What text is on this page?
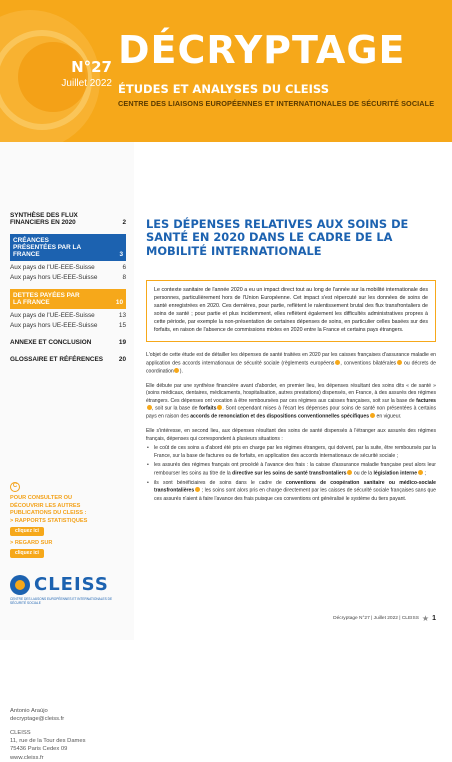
N°27
Juillet 2022
DÉCRYPTAGE
ÉTUDES ET ANALYSES DU CLEISS
CENTRE DES LIAISONS EUROPÉENNES ET INTERNATIONALES DE SÉCURITÉ SOCIALE
SYNTHÈSE DES FLUX FINANCIERS EN 2020	2
CRÉANCES PRÉSENTÉES PAR LA FRANCE	3
Aux pays de l'UE-EEE-Suisse	6
Aux pays hors UE-EEE-Suisse	8
DETTES PAYÉES PAR LA FRANCE	10
Aux pays de l'UE-EEE-Suisse	13
Aux pays hors UE-EEE-Suisse	15
ANNEXE ET CONCLUSION	19
GLOSSAIRE ET RÉFÉRENCES 20
C
POUR CONSULTER OU
DÉCOUVRIR LES AUTRES
PUBLICATIONS DU CLEISS :
> RAPPORTS STATISTIQUES
cliquez ici
> REGARD SUR
cliquez ici
CLEISS
CENTRE DES LIAISONS EUROPÉENNES ET INTERNATIONALES DE SÉCURITÉ SOCIALE
Antonio Araújo
decryptage@cleiss.fr
CLEISS
11, rue de la Tour des Dames
75436 Paris Cedex 09
www.cleiss.fr
LES DÉPENSES RELATIVES AUX SOINS DE SANTÉ EN 2020 DANS LE CADRE DE LA MOBILITÉ INTERNATIONALE
Le contexte sanitaire de l'année 2020 a eu un impact direct tout au long de l'année sur la mobilité internationale des personnes, particulièrement hors de l'Union Européenne. Cet impact s'est répercuté sur les données de soins de santé enregistrées en 2020. Ces dernières, pour partie, reflètent le ralentissement brutal des flux transfrontaliers de soins de santé ; pour partie et plus incidemment, elles reflètent également les difficultés administratives propres à cette période, par exemple la non-présentation de certaines dépenses de soins, en particulier celles basées sur des forfaits, en raison de l'absence de commissions mixtes en 2020 entre la France et certains pays étrangers.

L'objet de cette étude est de détailler les dépenses de santé traitées en 2020 par les caisses françaises d'assurance maladie en application des accords internationaux de sécurité sociale (règlements européens , conventions bilatérales ou décrets de coordination ).

Elle débute par une synthèse financière avant d'aborder, en premier lieu, les dépenses résultant des soins dits « de santé » (soins médicaux, dentaires, médicaments, hospitalisation, autres prestations) dispensés, en France, à des assurés des régimes étrangers. Ces dépenses ont vocation à être remboursées par ces régimes aux caisses françaises, soit sur la base de factures, soit sur la base de forfaits . Sont cependant mises à l'écart les dépenses pour soins de santé non présentées à certains pays en raison des accords de renonciation et des dispositions conventionnelles spécifiques en vigueur.

Elle s'intéresse, en second lieu, aux dépenses résultant des soins de santé dispensés à l'étranger aux assurés des régimes français, dépenses qui correspondent à plusieurs situations :

• le coût de ces soins a d'abord été pris en charge par les régimes étrangers, qui doivent, par la suite, être remboursés par la France, sur la base de factures ou de forfaits, en application des accords internationaux de sécurité sociale ;
• les assurés des régimes français ont procédé à l'avance des frais : la caisse d'assurance maladie française peut alors leur rembourser les soins au titre de la directive sur les soins de santé transfrontaliers ou de la législation interne ;
• ils sont bénéficiaires de soins dans le cadre de conventions de coopération sanitaire ou médico-sociale transfrontalières ; les soins sont alors pris en charge directement par les caisses de sécurité sociale françaises sans que ces assurés n'aient à faire l'avance des frais puisque ces conventions ont généralisé le système du tiers payant.
Décryptage N°27 | Juillet 2022 | CLEISS ★ 1
